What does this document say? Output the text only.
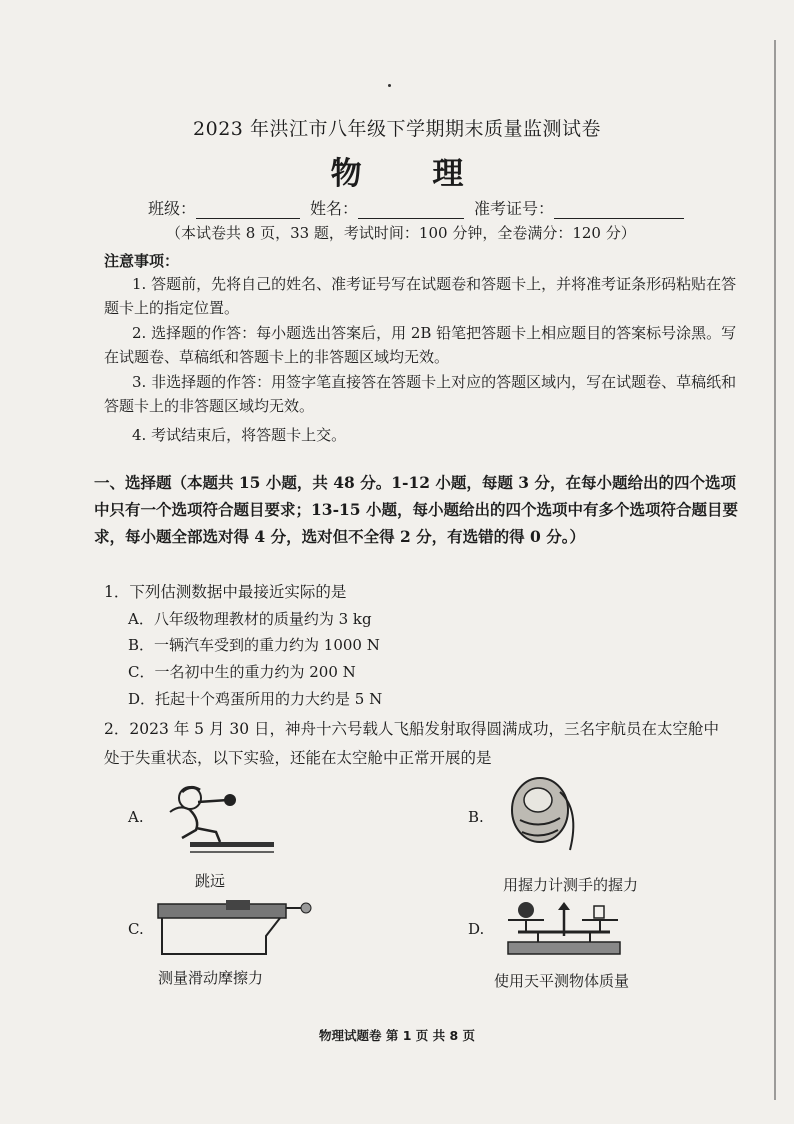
2023 年洪江市八年级下学期期末质量监测试卷
物 理
班级：	姓名：	准考证号：
（本试卷共 8 页，33 题，考试时间：100 分钟，全卷满分：120 分）
注意事项：

1. 答题前，先将自己的姓名、准考证号写在试题卷和答题卡上，并将准考证条形码粘贴在答题卡上的指定位置。

2. 选择题的作答：每小题选出答案后，用 2B 铅笔把答题卡上相应题目的答案标号涂黑。写在试题卷、草稿纸和答题卡上的非答题区域均无效。

3. 非选择题的作答：用签字笔直接答在答题卡上对应的答题区域内，写在试题卷、草稿纸和答题卡上的非答题区域均无效。

4. 考试结束后，将答题卡上交。

一、选择题（本题共 15 小题，共 48 分。1-12 小题，每题 3 分，在每小题给出的四个选项中只有一个选项符合题目要求；13-15 小题，每小题给出的四个选项中有多个选项符合题目要求，每小题全部选对得 4 分，选对但不全得 2 分，有选错的得 0 分。）
1．下列估测数据中最接近实际的是
A．八年级物理教材的质量约为 3 kg
B．一辆汽车受到的重力约为 1000 N
C．一名初中生的重力约为 200 N
D．托起十个鸡蛋所用的力大约是 5 N
2．2023 年 5 月 30 日，神舟十六号载人飞船发射取得圆满成功，三名宇航员在太空舱中处于失重状态，以下实验，还能在太空舱中正常开展的是
A.
跳远
B.
用握力计测手的握力
C.
测量滑动摩擦力
D.
使用天平测物体质量
物理试题卷 第 1 页 共 8 页
